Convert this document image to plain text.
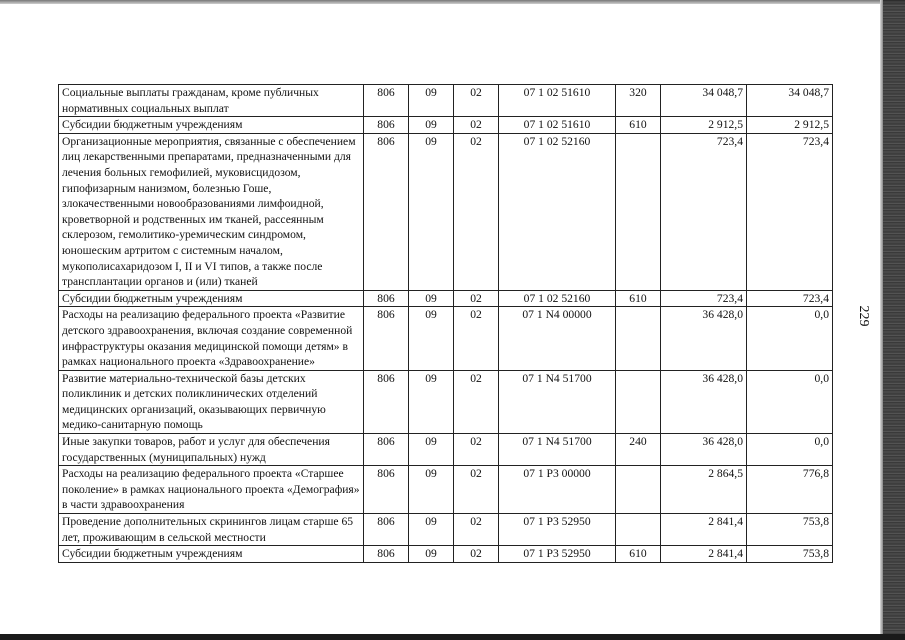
229
Социальные выплаты гражданам, кроме публичных нормативных социальных выплат	806	09	02	07 1 02 51610	320	34 048,7	34 048,7
Субсидии бюджетным учреждениям	806	09	02	07 1 02 51610	610	2 912,5	2 912,5
Организационные мероприятия, связанные с обеспечением лиц лекарственными препаратами, предназначенными для лечения больных гемофилией, муковисцидозом, гипофизарным нанизмом, болезнью Гоше, злокачественными новообразованиями лимфоидной, кроветворной и родственных им тканей, рассеянным склерозом, гемолитико-уремическим синдромом, юношеским артритом с системным началом, мукополисахаридозом I, II и VI типов, а также после трансплантации органов и (или) тканей	806	09	02	07 1 02 52160		723,4	723,4
Субсидии бюджетным учреждениям	806	09	02	07 1 02 52160	610	723,4	723,4
Расходы на реализацию федерального проекта «Развитие детского здравоохранения, включая создание современной инфраструктуры оказания медицинской помощи детям» в рамках национального проекта «Здравоохранение»	806	09	02	07 1 N4 00000		36 428,0	0,0
Развитие материально-технической базы детских поликлиник и детских поликлинических отделений медицинских организаций, оказывающих первичную медико-санитарную помощь	806	09	02	07 1 N4 51700		36 428,0	0,0
Иные закупки товаров, работ и услуг для обеспечения государственных (муниципальных) нужд	806	09	02	07 1 N4 51700	240	36 428,0	0,0
Расходы на реализацию федерального проекта «Старшее поколение» в рамках национального проекта «Демография» в части здравоохранения	806	09	02	07 1 P3 00000		2 864,5	776,8
Проведение дополнительных скринингов лицам старше 65 лет, проживающим в сельской местности	806	09	02	07 1 P3 52950		2 841,4	753,8
Субсидии бюджетным учреждениям	806	09	02	07 1 P3 52950	610	2 841,4	753,8
